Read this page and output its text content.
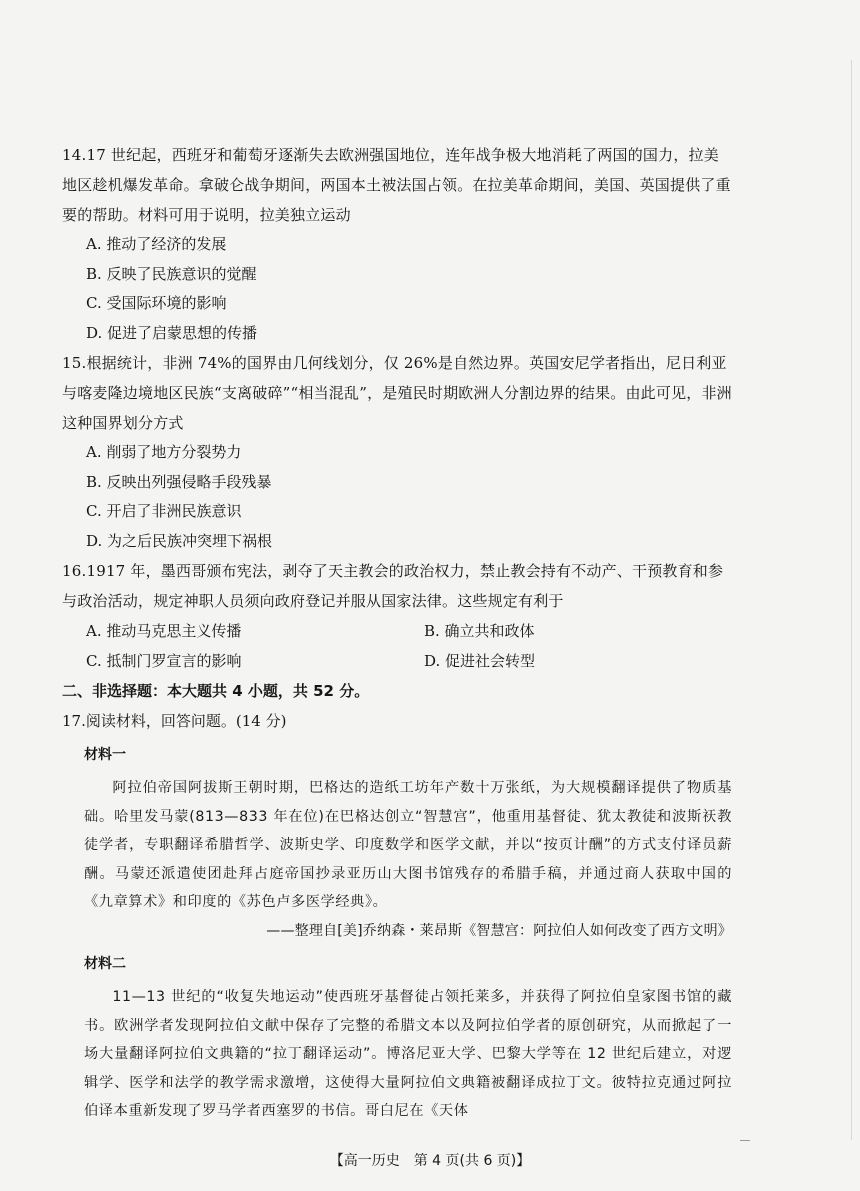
14.17 世纪起，西班牙和葡萄牙逐渐失去欧洲强国地位，连年战争极大地消耗了两国的国力，拉美地区趁机爆发革命。拿破仑战争期间，两国本土被法国占领。在拉美革命期间，美国、英国提供了重要的帮助。材料可用于说明，拉美独立运动

A. 推动了经济的发展

B. 反映了民族意识的觉醒

C. 受国际环境的影响

D. 促进了启蒙思想的传播

15.根据统计，非洲 74%的国界由几何线划分，仅 26%是自然边界。英国安尼学者指出，尼日利亚与喀麦隆边境地区民族“支离破碎”“相当混乱”，是殖民时期欧洲人分割边界的结果。由此可见，非洲这种国界划分方式

A. 削弱了地方分裂势力

B. 反映出列强侵略手段残暴

C. 开启了非洲民族意识

D. 为之后民族冲突埋下祸根

16.1917 年，墨西哥颁布宪法，剥夺了天主教会的政治权力，禁止教会持有不动产、干预教育和参与政治活动，规定神职人员须向政府登记并服从国家法律。这些规定有利于

A. 推动马克思主义传播	B. 确立共和政体
C. 抵制门罗宣言的影响	D. 促进社会转型

二、非选择题：本大题共 4 小题，共 52 分。

17.阅读材料，回答问题。(14 分)

材料一

阿拉伯帝国阿拔斯王朝时期，巴格达的造纸工坊年产数十万张纸，为大规模翻译提供了物质基础。哈里发马蒙(813—833 年在位)在巴格达创立“智慧宫”，他重用基督徒、犹太教徒和波斯祆教徒学者，专职翻译希腊哲学、波斯史学、印度数学和医学文献，并以“按页计酬”的方式支付译员薪酬。马蒙还派遣使团赴拜占庭帝国抄录亚历山大图书馆残存的希腊手稿，并通过商人获取中国的《九章算术》和印度的《苏色卢多医学经典》。

——整理自[美]乔纳森・莱昂斯《智慧宫：阿拉伯人如何改变了西方文明》

材料二

11—13 世纪的“收复失地运动”使西班牙基督徒占领托莱多，并获得了阿拉伯皇家图书馆的藏书。欧洲学者发现阿拉伯文献中保存了完整的希腊文本以及阿拉伯学者的原创研究，从而掀起了一场大量翻译阿拉伯文典籍的“拉丁翻译运动”。博洛尼亚大学、巴黎大学等在 12 世纪后建立，对逻辑学、医学和法学的教学需求激增，这使得大量阿拉伯文典籍被翻译成拉丁文。彼特拉克通过阿拉伯译本重新发现了罗马学者西塞罗的书信。哥白尼在《天体

【高一历史　第 4 页(共 6 页)】
